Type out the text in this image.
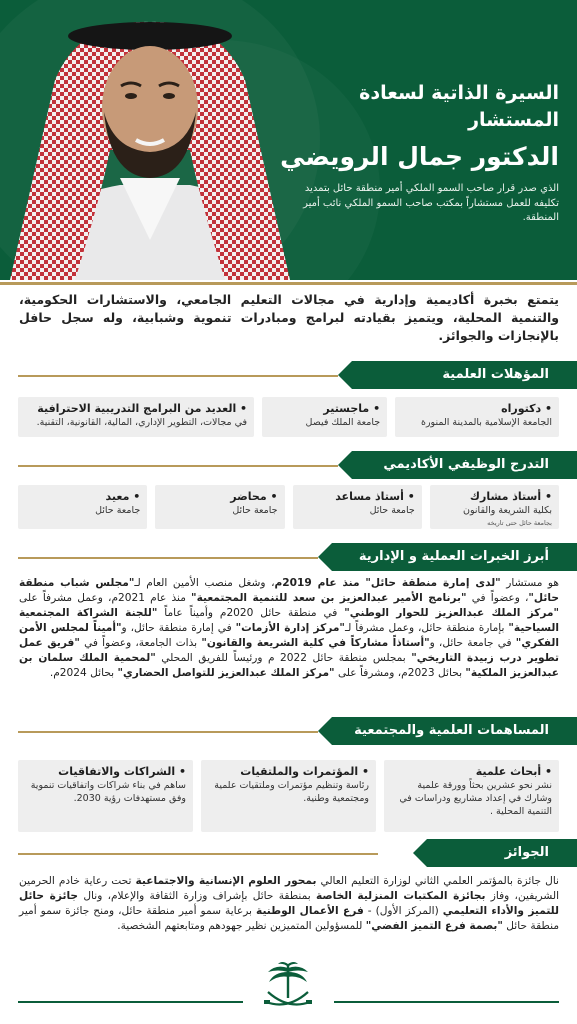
السيرة الذاتية لسعادة المستشار
الدكتور جمال الرويضي
الذي صدر قرار صاحب السمو الملكي أمير منطقة حائل بتمديد تكليفه للعمل مستشاراً بمكتب صاحب السمو الملكي نائب أمير المنطقة.
يتمتع بخبرة أكاديمية وإدارية في مجالات التعليم الجامعي، والاستشارات الحكومية، والتنمية المحلية، ويتميز بقيادته لبرامج ومبادرات تنموية وشبابية، وله سجل حافل بالإنجازات والجوائز.
المؤهلات العلمية
• دكتوراه
الجامعة الإسلامية بالمدينة المنورة
• ماجستير
جامعة الملك فيصل
• العديد من البرامج التدريبية الاحترافية
في مجالات، التطوير الإداري، المالية، القانونية، التقنية.
التدرج الوظيفي الأكاديمي
• أستاذ مشارك
بكلية الشريعة والقانون
بجامعة حائل حتى تاريخه
• أستاذ مساعد
جامعة حائل
• محاضر
جامعة حائل
• معيد
جامعة حائل
أبرز الخبرات العملية و الإدارية
هو مستشار "لدى إمارة منطقة حائل" منذ عام 2019م، وشغل منصب الأمين العام لـ"مجلس شباب منطقة حائل"، وعضواً في "برنامج الأمير عبدالعزيز بن سعد للتنمية المجتمعية" منذ عام 2021م، وعمل مشرفاً على "مركز الملك عبدالعزيز للحوار الوطني" في منطقة حائل 2020م وأميناً عاماً "للجنة الشراكة المجتمعية السياحية" بإمارة منطقة حائل، وعمل مشرفاً لـ"مركز إدارة الأزمات" في إمارة منطقة حائل، و"أميناً لمجلس الأمن الفكري" في جامعة حائل، و"أستاذاً مشاركاً في كلية الشريعة والقانون" بذات الجامعة، وعضواً في "فريق عمل تطوير درب زبيدة التاريخي" بمجلس منطقة حائل 2022 م ورئيساً للفريق المحلي "لمحمية الملك سلمان بن عبدالعزيز الملكية" بحائل 2023م، ومشرفاً على "مركز الملك عبدالعزيز للتواصل الحضاري" بحائل 2024م.
المساهمات العلمية والمجتمعية
• أبحاث علمية
نشر نحو عشرين بحثاً وورقة علمية وشارك في إعداد مشاريع ودراسات في التنمية المحلية .
• المؤتمرات والملتقيات
رئاسة وتنظيم مؤتمرات وملتقيات علمية ومجتمعية وطنية.
• الشراكات والاتفاقيات
ساهم في بناء شراكات واتفاقيات تنموية وفق مستهدفات رؤية 2030.
الجوائز
نال جائزة بالمؤتمر العلمي الثاني لوزارة التعليم العالي بمحور العلوم الإنسانية والاجتماعية تحت رعاية خادم الحرمين الشريفين، وفاز بجائزة المكتبات المنزلية الخاصة بمنطقة حائل بإشراف وزارة الثقافة والإعلام، ونال جائزة حائل للتميز والأداء التعليمي (المركز الأول) - فرع الأعمال الوطنية برعاية سمو أمير منطقة حائل، ومنح جائزة سمو أمير منطقة حائل "بصمة فرع التميز الفضي" للمسؤولين المتميزين نظير جهودهم ومتابعتهم الشخصية.
